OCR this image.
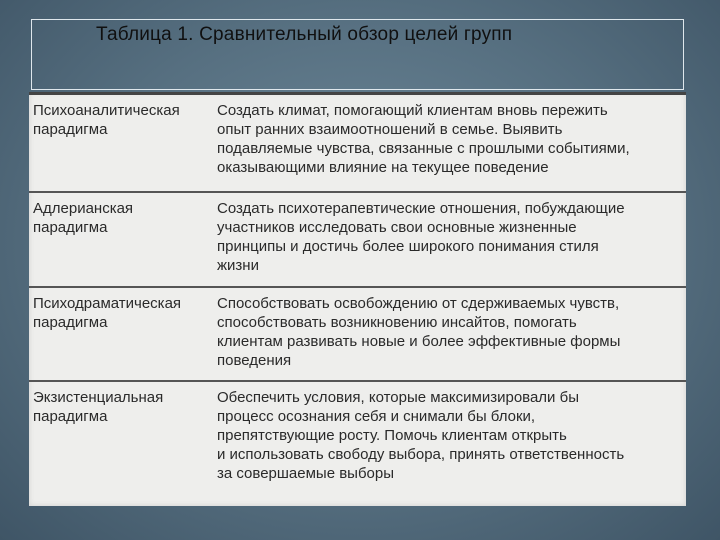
Таблица 1. Сравнительный обзор целей групп
Психоаналитическая
парадигма
Создать климат, помогающий клиентам вновь пережить
опыт ранних взаимоотношений в семье. Выявить
подавляемые чувства, связанные с прошлыми событиями,
оказывающими влияние на текущее поведение
Адлерианская
парадигма
Создать психотерапевтические отношения, побуждающие
участников исследовать свои основные жизненные
принципы и достичь более широкого понимания стиля
жизни
Психодраматическая
парадигма
Способствовать освобождению от сдерживаемых чувств,
способствовать возникновению инсайтов, помогать
клиентам развивать новые и более эффективные формы
поведения
Экзистенциальная
парадигма
Обеспечить условия, которые максимизировали бы
процесс осознания себя и снимали бы блоки,
препятствующие росту. Помочь клиентам открыть
и использовать свободу выбора, принять ответственность
за совершаемые выборы
